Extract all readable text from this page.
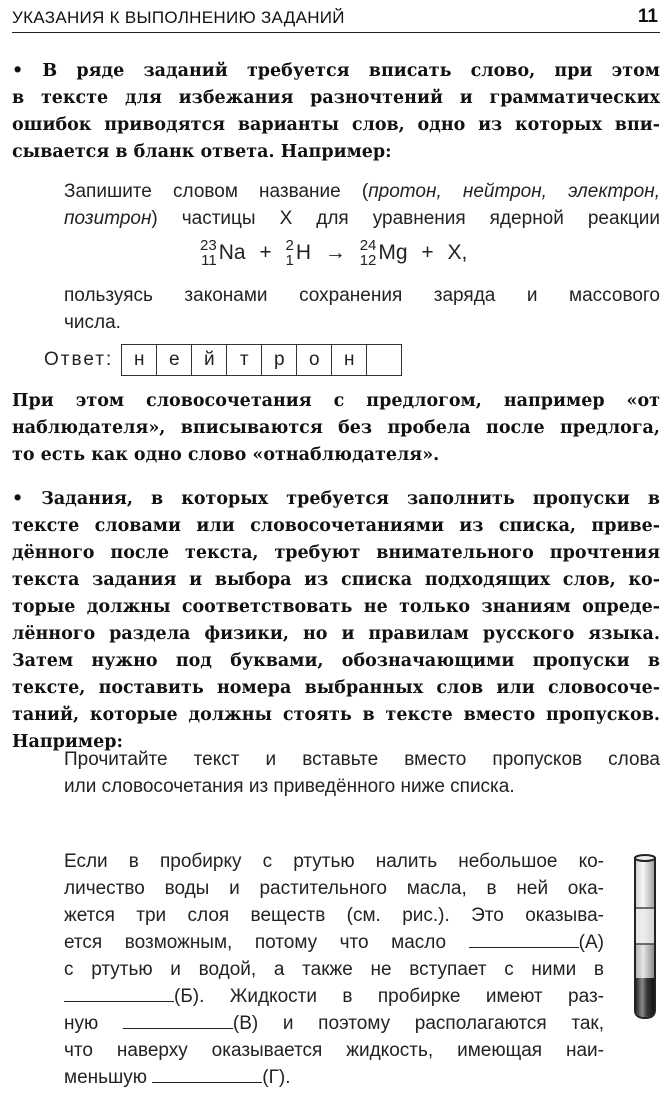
УКАЗАНИЯ К ВЫПОЛНЕНИЮ ЗАДАНИЙ	11
• В ряде заданий требуется вписать слово, при этом
в тексте для избежания разночтений и грамматических
ошибок приводятся варианты слов, одно из которых впи-
сывается в бланк ответа. Например:
Запишите словом название (протон, нейтрон, электрон,
позитрон) частицы X для уравнения ядерной реакции
23
11Na + 2
1H → 24
12Mg + X,
пользуясь законами сохранения заряда и массового
числа.
Ответ:	н	е	й	т	р	о	н
При этом словосочетания с предлогом, например «от
наблюдателя», вписываются без пробела после предлога,
то есть как одно слово «отнаблюдателя».
• Задания, в которых требуется заполнить пропуски в
тексте словами или словосочетаниями из списка, приве-
дённого после текста, требуют внимательного прочтения
текста задания и выбора из списка подходящих слов, ко-
торые должны соответствовать не только знаниям опреде-
лённого раздела физики, но и правилам русского языка.
Затем нужно под буквами, обозначающими пропуски в
тексте, поставить номера выбранных слов или словосоче-
таний, которые должны стоять в тексте вместо пропусков.
Например:
Прочитайте текст и вставьте вместо пропусков слова
или словосочетания из приведённого ниже списка.
Если в пробирку с ртутью налить небольшое ко-
личество воды и растительного масла, в ней ока-
жется три слоя веществ (см. рис.). Это оказыва-
ется возможным, потому что масло	(А)
с ртутью и водой, а также не вступает с ними в
(Б). Жидкости в пробирке имеют раз-
ную	(В) и поэтому располагаются так,
что наверху оказывается жидкость, имеющая наи-
меньшую	(Г).
